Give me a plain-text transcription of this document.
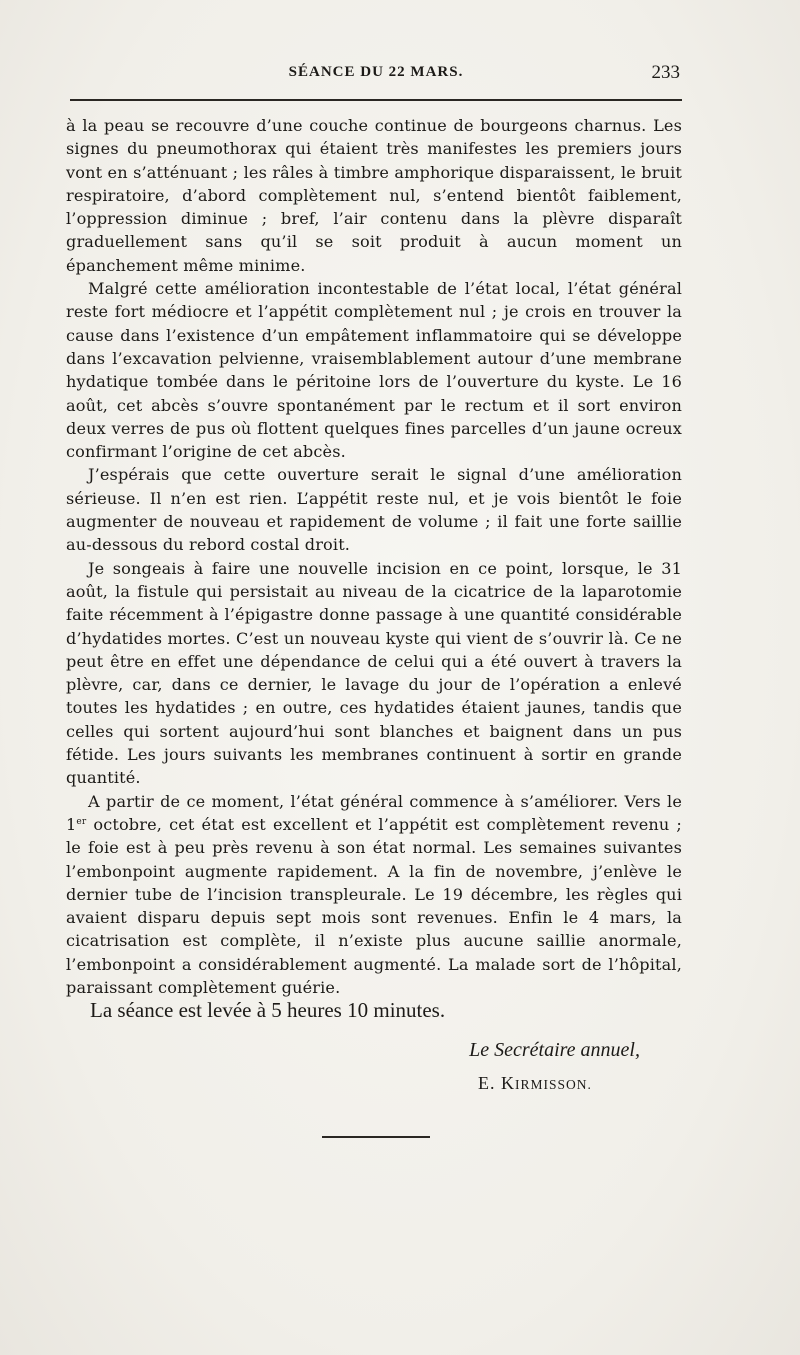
SÉANCE DU 22 MARS.	233

à la peau se recouvre d’une couche continue de bourgeons charnus. Les signes du pneumothorax qui étaient très manifestes les premiers jours vont en s’atténuant ; les râles à timbre amphorique disparaissent, le bruit respiratoire, d’abord complètement nul, s’entend bientôt faiblement, l’oppression diminue ; bref, l’air contenu dans la plèvre disparaît graduellement sans qu’il se soit produit à aucun moment un épanchement même minime.

Malgré cette amélioration incontestable de l’état local, l’état général reste fort médiocre et l’appétit complètement nul ; je crois en trouver la cause dans l’existence d’un empâtement inflammatoire qui se développe dans l’excavation pelvienne, vraisemblablement autour d’une membrane hydatique tombée dans le péritoine lors de l’ouverture du kyste. Le 16 août, cet abcès s’ouvre spontanément par le rectum et il sort environ deux verres de pus où flottent quelques fines parcelles d’un jaune ocreux confirmant l’origine de cet abcès.

J’espérais que cette ouverture serait le signal d’une amélioration sérieuse. Il n’en est rien. L’appétit reste nul, et je vois bientôt le foie augmenter de nouveau et rapidement de volume ; il fait une forte saillie au-dessous du rebord costal droit.

Je songeais à faire une nouvelle incision en ce point, lorsque, le 31 août, la fistule qui persistait au niveau de la cicatrice de la laparotomie faite récemment à l’épigastre donne passage à une quantité considérable d’hydatides mortes. C’est un nouveau kyste qui vient de s’ouvrir là. Ce ne peut être en effet une dépendance de celui qui a été ouvert à travers la plèvre, car, dans ce dernier, le lavage du jour de l’opération a enlevé toutes les hydatides ; en outre, ces hydatides étaient jaunes, tandis que celles qui sortent aujourd’hui sont blanches et baignent dans un pus fétide. Les jours suivants les membranes continuent à sortir en grande quantité.

A partir de ce moment, l’état général commence à s’améliorer. Vers le 1er octobre, cet état est excellent et l’appétit est complètement revenu ; le foie est à peu près revenu à son état normal. Les semaines suivantes l’embonpoint augmente rapidement. A la fin de novembre, j’enlève le dernier tube de l’incision transpleurale. Le 19 décembre, les règles qui avaient disparu depuis sept mois sont revenues. Enfin le 4 mars, la cicatrisation est complète, il n’existe plus aucune saillie anormale, l’embonpoint a considérablement augmenté. La malade sort de l’hôpital, paraissant complètement guérie.

La séance est levée à 5 heures 10 minutes.
Le Secrétaire annuel,
E. KIRMISSON.
